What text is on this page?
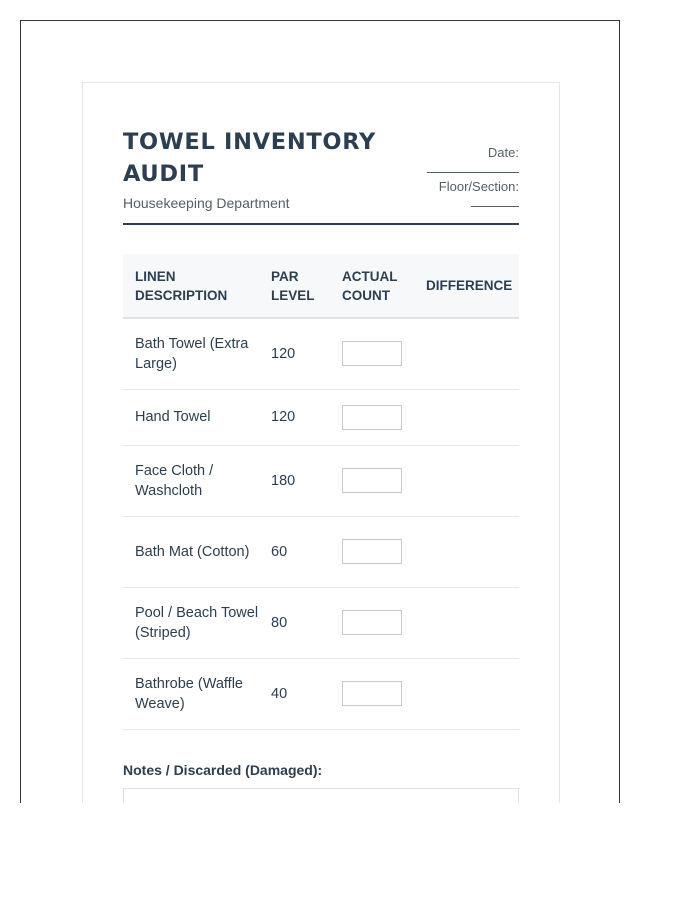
TOWEL INVENTORY AUDIT
Housekeeping Department
Date:
Floor/Section:
LINEN DESCRIPTION	PAR LEVEL	ACTUAL COUNT	DIFFERENCE
Bath Towel (Extra Large)	120	

Hand Towel	120	

Face Cloth / Washcloth	180	

Bath Mat (Cotton)	60	

Pool / Beach Towel (Striped)	80	

Bathrobe (Waffle Weave)	40	

Notes / Discarded (Damaged):
